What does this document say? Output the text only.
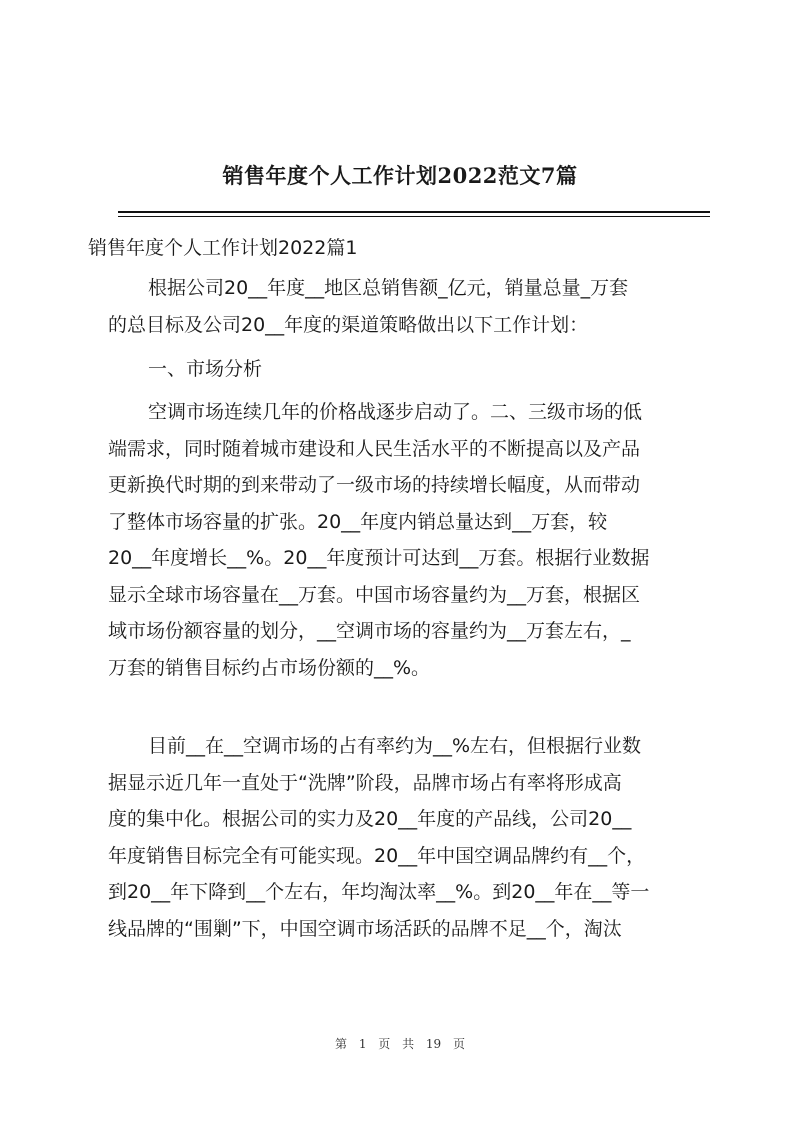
销售年度个人工作计划2022范文7篇
销售年度个人工作计划2022篇1
根据公司20__年度__地区总销售额_亿元，销量总量_万套
的总目标及公司20__年度的渠道策略做出以下工作计划：
一、市场分析
空调市场连续几年的价格战逐步启动了。二、三级市场的低
端需求，同时随着城市建设和人民生活水平的不断提高以及产品
更新换代时期的到来带动了一级市场的持续增长幅度，从而带动
了整体市场容量的扩张。20__年度内销总量达到__万套，较
20__年度增长__%。20__年度预计可达到__万套。根据行业数据
显示全球市场容量在__万套。中国市场容量约为__万套，根据区
域市场份额容量的划分，__空调市场的容量约为__万套左右，_
万套的销售目标约占市场份额的__%。
目前__在__空调市场的占有率约为__%左右，但根据行业数
据显示近几年一直处于“洗牌”阶段，品牌市场占有率将形成高
度的集中化。根据公司的实力及20__年度的产品线，公司20__
年度销售目标完全有可能实现。20__年中国空调品牌约有__个，
到20__年下降到__个左右，年均淘汰率__%。到20__年在__等一
线品牌的“围剿”下，中国空调市场活跃的品牌不足__个，淘汰
第 1 页 共 19 页
